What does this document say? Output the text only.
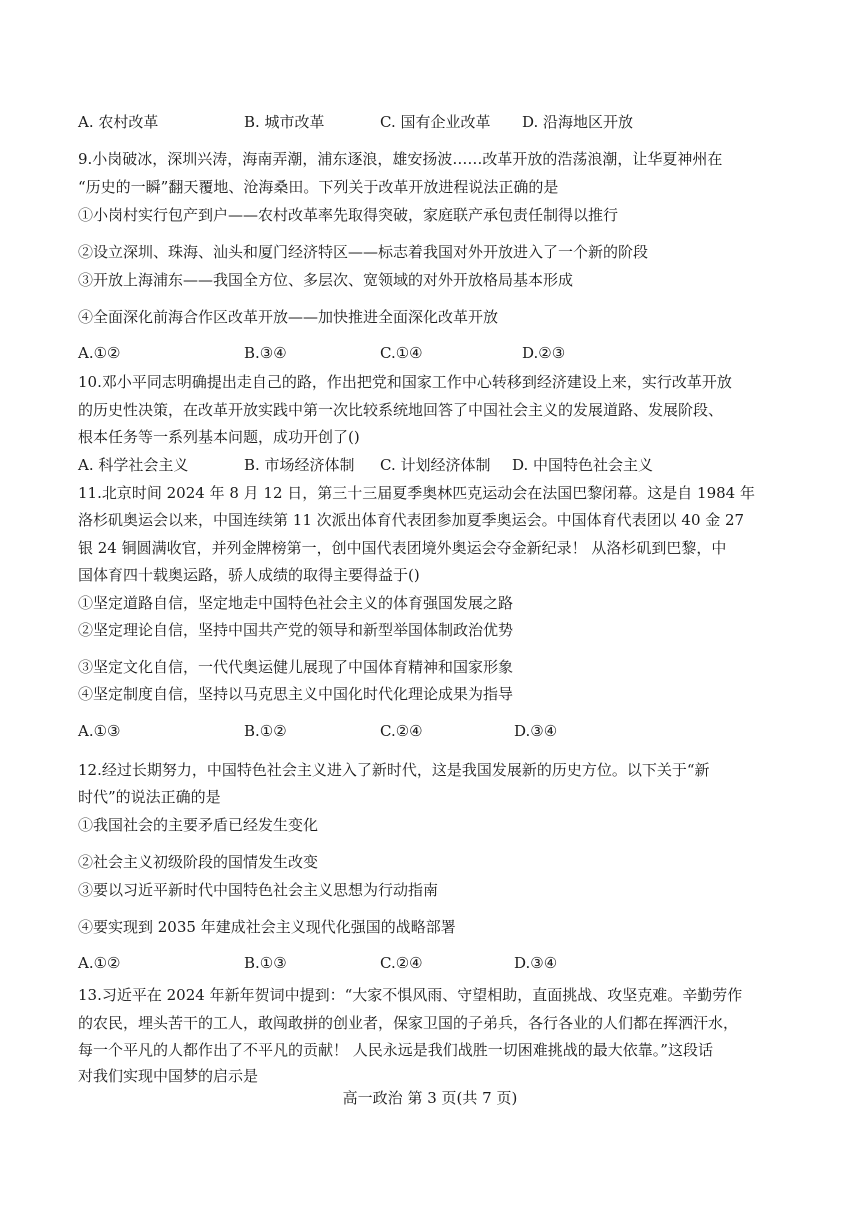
A. 农村改革	B. 城市改革	C. 国有企业改革 D. 沿海地区开放
9.小岗破冰，深圳兴涛，海南弄潮，浦东逐浪，雄安扬波……改革开放的浩荡浪潮，让华夏神州在
“历史的一瞬”翻天覆地、沧海桑田。下列关于改革开放进程说法正确的是
①小岗村实行包产到户——农村改革率先取得突破，家庭联产承包责任制得以推行
②设立深圳、珠海、汕头和厦门经济特区——标志着我国对外开放进入了一个新的阶段
③开放上海浦东——我国全方位、多层次、宽领域的对外开放格局基本形成
④全面深化前海合作区改革开放——加快推进全面深化改革开放
A.①②	B.③④	C.①④	D.②③
10.邓小平同志明确提出走自己的路，作出把党和国家工作中心转移到经济建设上来，实行改革开放
的历史性决策，在改革开放实践中第一次比较系统地回答了中国社会主义的发展道路、发展阶段、
根本任务等一系列基本问题，成功开创了()
A. 科学社会主义	B. 市场经济体制 C. 计划经济体制 D. 中国特色社会主义
11.北京时间 2024 年 8 月 12 日，第三十三届夏季奥林匹克运动会在法国巴黎闭幕。这是自 1984 年
洛杉矶奥运会以来，中国连续第 11 次派出体育代表团参加夏季奥运会。中国体育代表团以 40 金 27
银 24 铜圆满收官，并列金牌榜第一，创中国代表团境外奥运会夺金新纪录！ 从洛杉矶到巴黎，中
国体育四十载奥运路，骄人成绩的取得主要得益于()
①坚定道路自信，坚定地走中国特色社会主义的体育强国发展之路
②坚定理论自信，坚持中国共产党的领导和新型举国体制政治优势
③坚定文化自信，一代代奥运健儿展现了中国体育精神和国家形象
④坚定制度自信，坚持以马克思主义中国化时代化理论成果为指导
A.①③	B.①②	C.②④	D.③④
12.经过长期努力，中国特色社会主义进入了新时代，这是我国发展新的历史方位。以下关于“新
时代”的说法正确的是
①我国社会的主要矛盾已经发生变化
②社会主义初级阶段的国情发生改变
③要以习近平新时代中国特色社会主义思想为行动指南
④要实现到 2035 年建成社会主义现代化强国的战略部署
A.①②	B.①③	C.②④	D.③④
13.习近平在 2024 年新年贺词中提到：“大家不惧风雨、守望相助，直面挑战、攻坚克难。辛勤劳作
的农民，埋头苦干的工人，敢闯敢拼的创业者，保家卫国的子弟兵，各行各业的人们都在挥洒汗水，
每一个平凡的人都作出了不平凡的贡献！ 人民永远是我们战胜一切困难挑战的最大依靠。”这段话
对我们实现中国梦的启示是
高一政治 第 3 页(共 7 页)
